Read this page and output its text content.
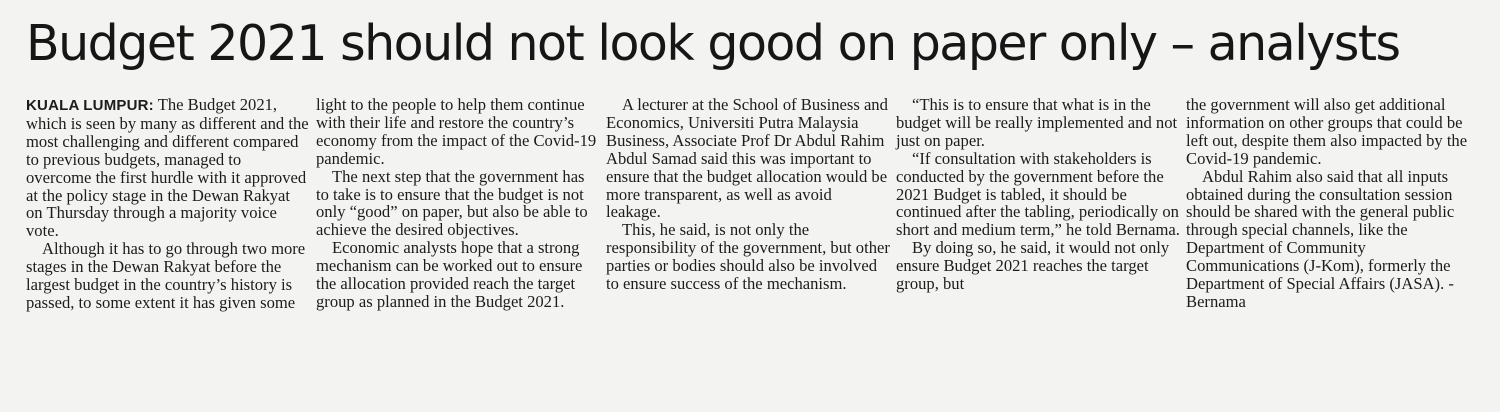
Budget 2021 should not look good on paper only – analysts

KUALA LUMPUR: The Budget 2021, which is seen by many as different and the most challenging and different compared to previous budgets, managed to overcome the first hurdle with it approved at the policy stage in the Dewan Rakyat on Thursday through a majority voice vote.

Although it has to go through two more stages in the Dewan Rakyat before the largest budget in the country’s history is passed, to some extent it has given some

light to the people to help them continue with their life and restore the country’s economy from the impact of the Covid-19 pandemic.

The next step that the government has to take is to ensure that the budget is not only “good” on paper, but also be able to achieve the desired objectives.

Economic analysts hope that a strong mechanism can be worked out to ensure the allocation provided reach the target group as planned in the Budget 2021.

A lecturer at the School of Business and Economics, Universiti Putra Malaysia Business, Associate Prof Dr Abdul Rahim Abdul Samad said this was important to ensure that the budget allocation would be more transparent, as well as avoid leakage.

This, he said, is not only the responsibility of the government, but other parties or bodies should also be involved to ensure success of the mechanism.

“This is to ensure that what is in the budget will be really implemented and not just on paper.

“If consultation with stakeholders is conducted by the government before the 2021 Budget is tabled, it should be continued after the tabling, periodically on short and medium term,” he told Bernama.

By doing so, he said, it would not only ensure Budget 2021 reaches the target group, but

the government will also get additional information on other groups that could be left out, despite them also impacted by the Covid-19 pandemic.

Abdul Rahim also said that all inputs obtained during the consultation session should be shared with the general public through special channels, like the Department of Community Communications (J-Kom), formerly the Department of Special Affairs (JASA). - Bernama
